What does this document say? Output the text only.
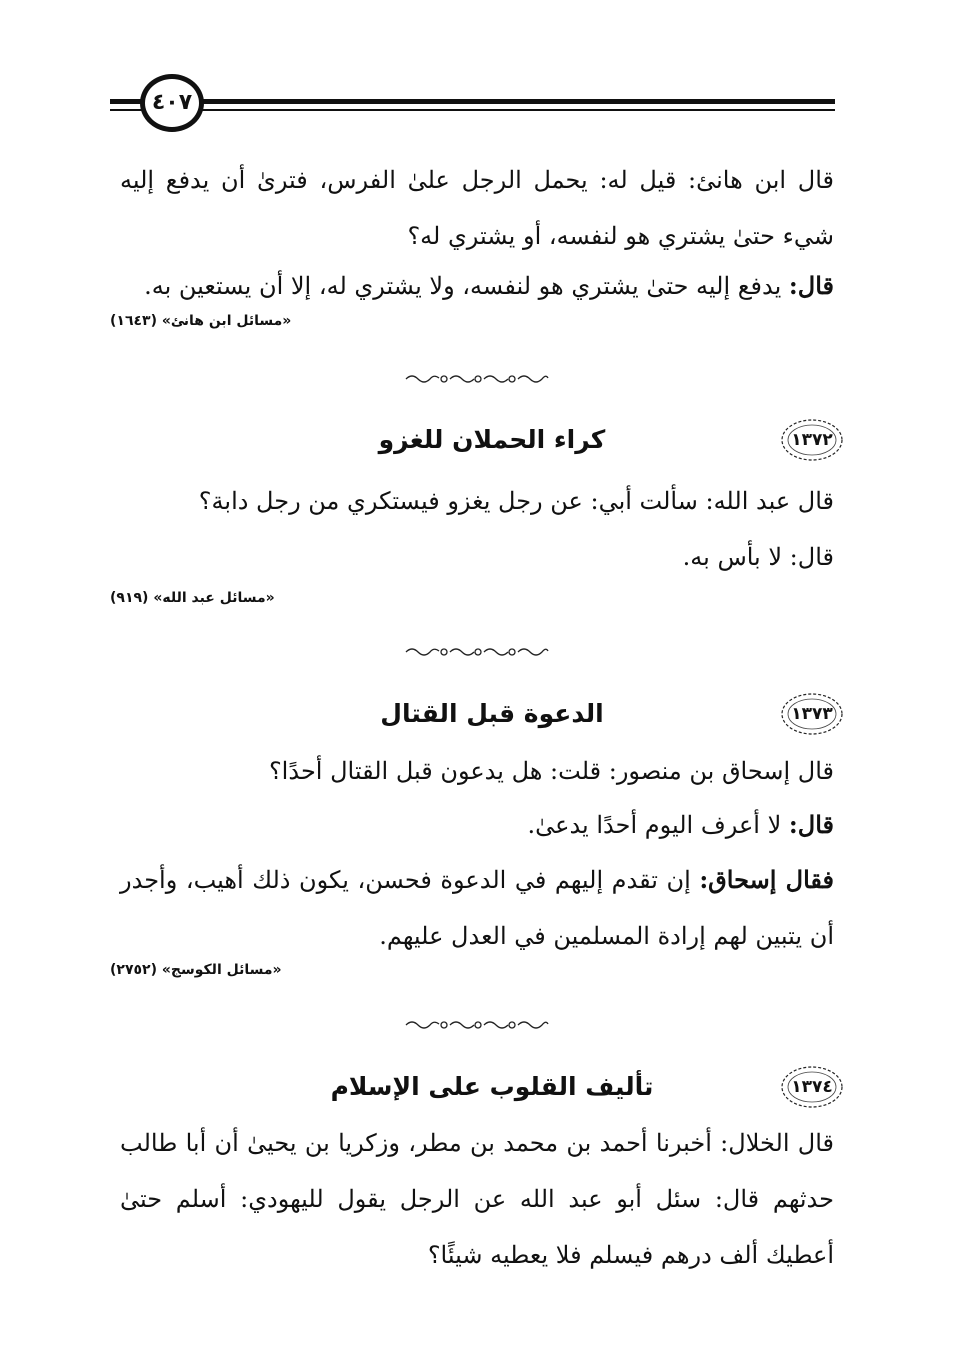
٤٠٧

قال ابن هانئ: قيل له: يحمل الرجل علىٰ الفرس، فترىٰ أن يدفع إليه شيء حتىٰ يشتري هو لنفسه، أو يشتري له؟

قال: يدفع إليه حتىٰ يشتري هو لنفسه، ولا يشتري له، إلا أن يستعين به.

«مسائل ابن هانئ» (١٦٤٣)
١٣٧٢
كراء الحملان للغزو

قال عبد الله: سألت أبي: عن رجل يغزو فيستكري من رجل دابة؟

قال: لا بأس به.

«مسائل عبد الله» (٩١٩)
١٣٧٣
الدعوة قبل القتال

قال إسحاق بن منصور: قلت: هل يدعون قبل القتال أحدًا؟

قال: لا أعرف اليوم أحدًا يدعىٰ.

فقال إسحاق: إن تقدم إليهم في الدعوة فحسن، يكون ذلك أهيب، وأجدر أن يتبين لهم إرادة المسلمين في العدل عليهم.

«مسائل الكوسج» (٢٧٥٢)
١٣٧٤
تأليف القلوب على الإسلام

قال الخلال: أخبرنا أحمد بن محمد بن مطر، وزكريا بن يحيىٰ أن أبا طالب حدثهم قال: سئل أبو عبد الله عن الرجل يقول لليهودي: أسلم حتىٰ أعطيك ألف درهم فيسلم فلا يعطيه شيئًا؟
